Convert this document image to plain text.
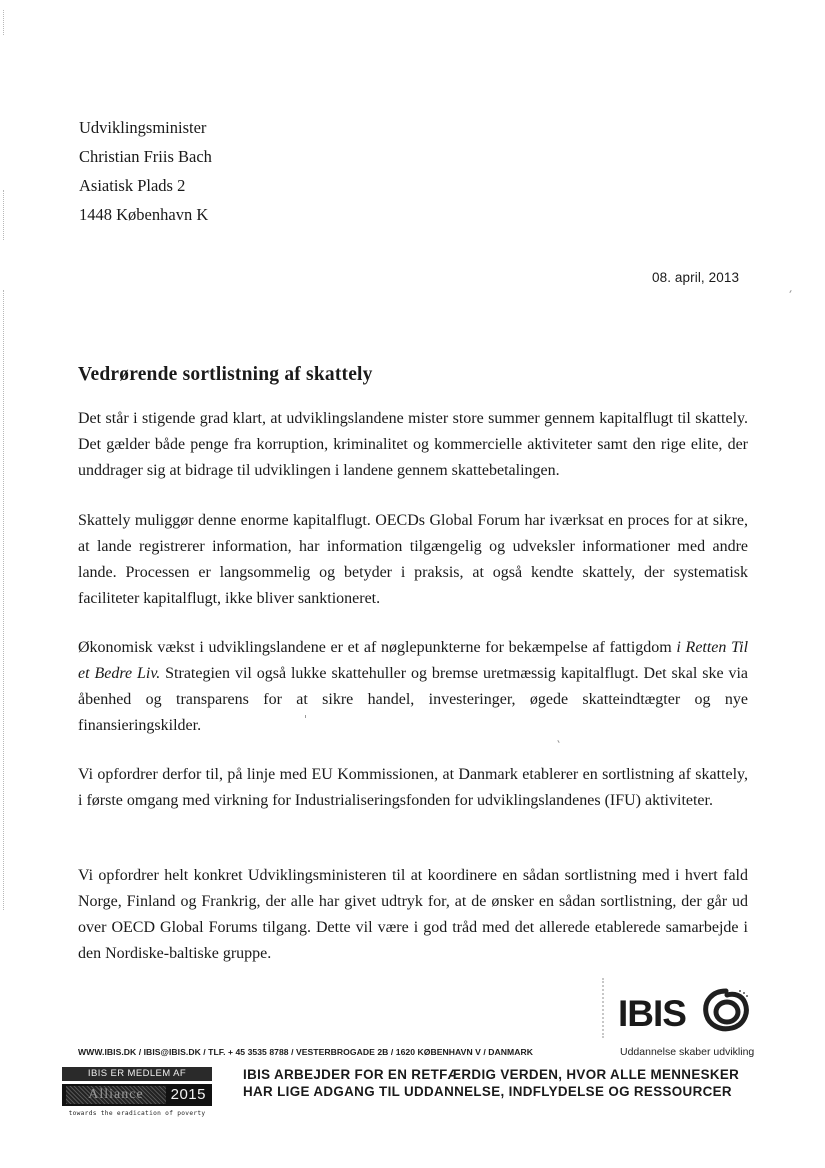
Udviklingsminister
Christian Friis Bach
Asiatisk Plads 2
1448 København K
08. april, 2013
Vedrørende sortlistning af skattely
Det står i stigende grad klart, at udviklingslandene mister store summer gennem kapitalflugt til skattely. Det gælder både penge fra korruption, kriminalitet og kommercielle aktiviteter samt den rige elite, der unddrager sig at bidrage til udviklingen i landene gennem skattebetalingen.
Skattely muliggør denne enorme kapitalflugt. OECDs Global Forum har iværksat en proces for at sikre, at lande registrerer information, har information tilgængelig og udveksler informationer med andre lande. Processen er langsommelig og betyder i praksis, at også kendte skattely, der systematisk faciliteter kapitalflugt, ikke bliver sanktioneret.
Økonomisk vækst i udviklingslandene er et af nøglepunkterne for bekæmpelse af fattigdom i Retten Til et Bedre Liv. Strategien vil også lukke skattehuller og bremse uretmæssig kapitalflugt. Det skal ske via åbenhed og transparens for at sikre handel, investeringer, øgede skatteindtægter og nye finansieringskilder.
Vi opfordrer derfor til, på linje med EU Kommissionen, at Danmark etablerer en sortlistning af skattely, i første omgang med virkning for Industrialiseringsfonden for udviklingslandenes (IFU) aktiviteter.
Vi opfordrer helt konkret Udviklingsministeren til at koordinere en sådan sortlistning med i hvert fald Norge, Finland og Frankrig, der alle har givet udtryk for, at de ønsker en sådan sortlistning, der går ud over OECD Global Forums tilgang. Dette vil være i god tråd med det allerede etablerede samarbejde i den Nordiske-baltiske gruppe.
IBIS
Uddannelse skaber udvikling
WWW.IBIS.DK / IBIS@IBIS.DK / TLF. + 45 3535 8788 / VESTERBROGADE 2B / 1620 KØBENHAVN V / DANMARK
IBIS ER MEDLEM AF
Alliance	2015
towards the eradication of poverty
IBIS ARBEJDER FOR EN RETFÆRDIG VERDEN, HVOR ALLE MENNESKER
HAR LIGE ADGANG TIL UDDANNELSE, INDFLYDELSE OG RESSOURCER
